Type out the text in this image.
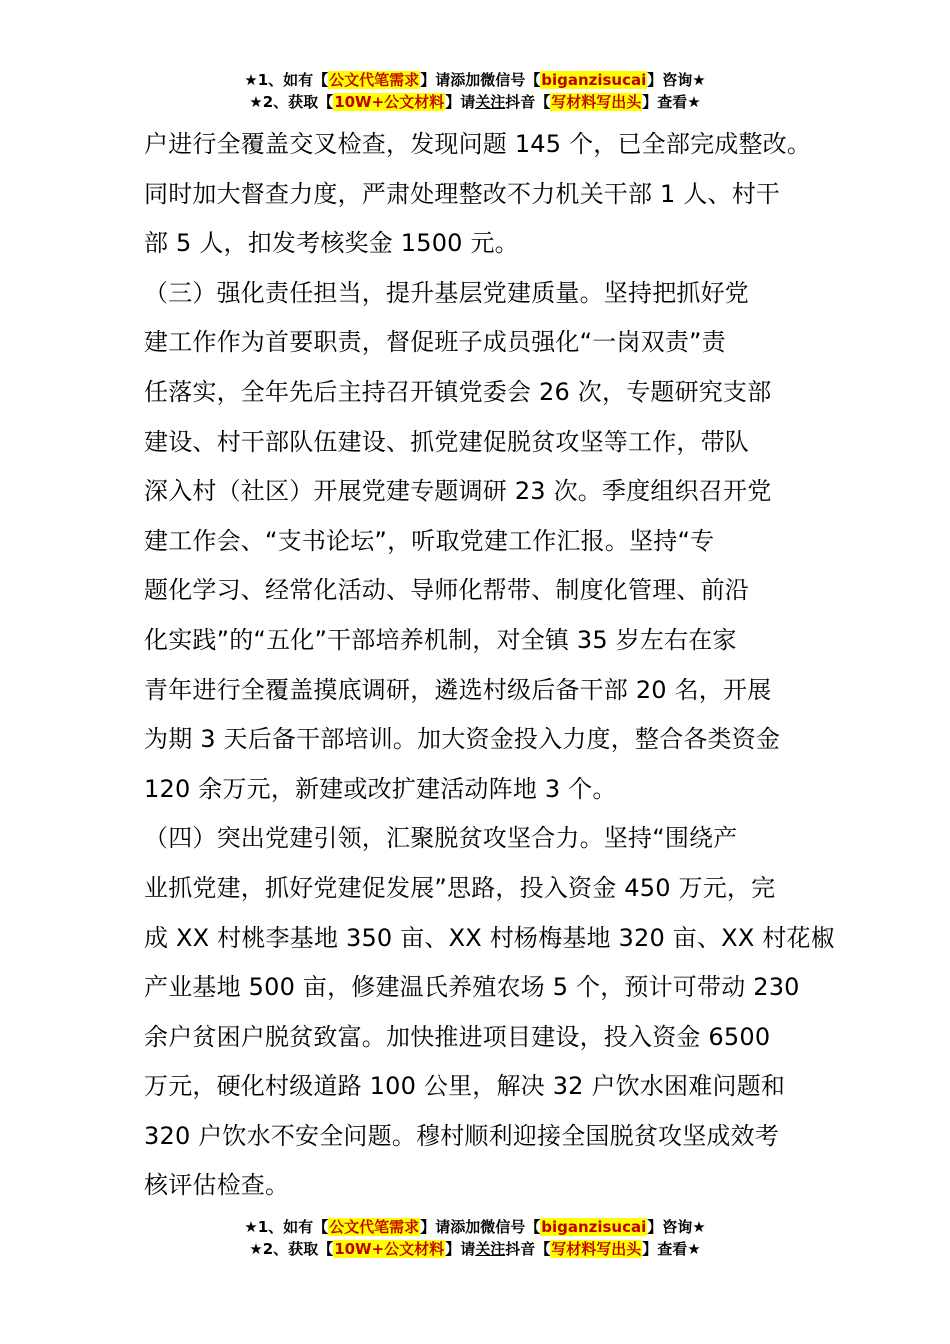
★1、如有【公文代笔需求】请添加微信号【biganzisucai】咨询★
★2、获取【10W+公文材料】请关注抖音【写材料写出头】查看★
户进行全覆盖交叉检查，发现问题 145 个，已全部完成整改。
同时加大督查力度，严肃处理整改不力机关干部 1 人、村干
部 5 人，扣发考核奖金 1500 元。
（三）强化责任担当，提升基层党建质量。坚持把抓好党
建工作作为首要职责，督促班子成员强化“一岗双责”责
任落实，全年先后主持召开镇党委会 26 次，专题研究支部
建设、村干部队伍建设、抓党建促脱贫攻坚等工作，带队
深入村（社区）开展党建专题调研 23 次。季度组织召开党
建工作会、“支书论坛”，听取党建工作汇报。坚持“专
题化学习、经常化活动、导师化帮带、制度化管理、前沿
化实践”的“五化”干部培养机制，对全镇 35 岁左右在家
青年进行全覆盖摸底调研，遴选村级后备干部 20 名，开展
为期 3 天后备干部培训。加大资金投入力度，整合各类资金
120 余万元，新建或改扩建活动阵地 3 个。
（四）突出党建引领，汇聚脱贫攻坚合力。坚持“围绕产
业抓党建，抓好党建促发展”思路，投入资金 450 万元，完
成 XX 村桃李基地 350 亩、XX 村杨梅基地 320 亩、XX 村花椒
产业基地 500 亩，修建温氏养殖农场 5 个，预计可带动 230
余户贫困户脱贫致富。加快推进项目建设，投入资金 6500
万元，硬化村级道路 100 公里，解决 32 户饮水困难问题和
320 户饮水不安全问题。穆村顺利迎接全国脱贫攻坚成效考
核评估检查。
★1、如有【公文代笔需求】请添加微信号【biganzisucai】咨询★
★2、获取【10W+公文材料】请关注抖音【写材料写出头】查看★
